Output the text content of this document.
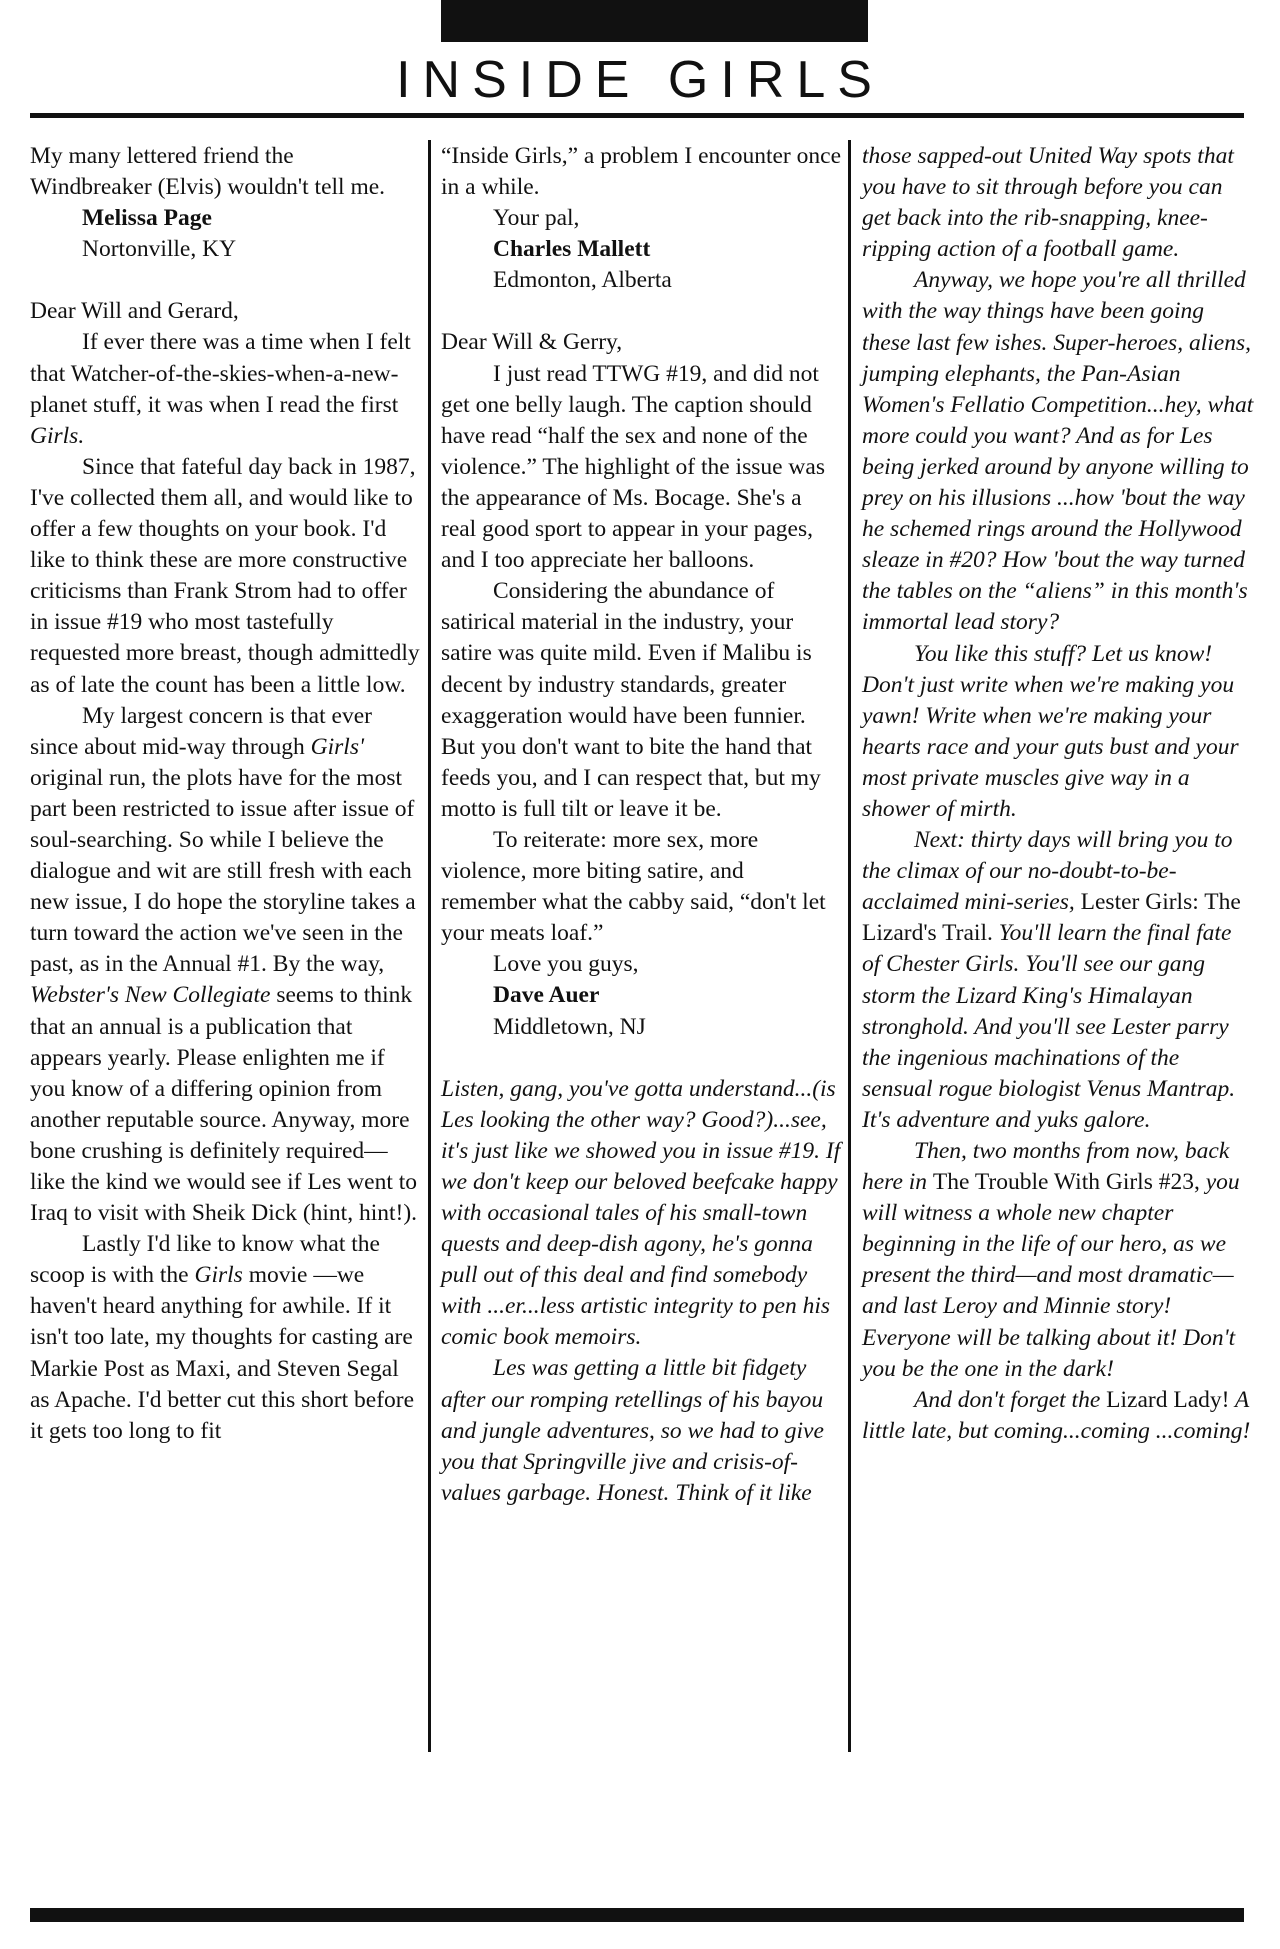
INSIDE GIRLS

My many lettered friend the Windbreaker (Elvis) wouldn't tell me.

Melissa Page
Nortonville, KY

Dear Will and Gerard,

If ever there was a time when I felt that Watcher-of-the-skies-when-a-new-planet stuff, it was when I read the first Girls.

Since that fateful day back in 1987, I've collected them all, and would like to offer a few thoughts on your book. I'd like to think these are more constructive criticisms than Frank Strom had to offer in issue #19 who most tastefully requested more breast, though admittedly as of late the count has been a little low.

My largest concern is that ever since about mid-way through Girls' original run, the plots have for the most part been restricted to issue after issue of soul-searching. So while I believe the dialogue and wit are still fresh with each new issue, I do hope the storyline takes a turn toward the action we've seen in the past, as in the Annual #1. By the way, Webster's New Collegiate seems to think that an annual is a publication that appears yearly. Please enlighten me if you know of a differing opinion from another reputable source. Anyway, more bone crushing is definitely required—like the kind we would see if Les went to Iraq to visit with Sheik Dick (hint, hint!).

Lastly I'd like to know what the scoop is with the Girls movie —we haven't heard anything for awhile. If it isn't too late, my thoughts for casting are Markie Post as Maxi, and Steven Segal as Apache. I'd better cut this short before it gets too long to fit

“Inside Girls,” a problem I encounter once in a while.

Your pal,
Charles Mallett
Edmonton, Alberta

Dear Will & Gerry,

I just read TTWG #19, and did not get one belly laugh. The caption should have read “half the sex and none of the violence.” The highlight of the issue was the appearance of Ms. Bocage. She's a real good sport to appear in your pages, and I too appreciate her balloons.

Considering the abundance of satirical material in the industry, your satire was quite mild. Even if Malibu is decent by industry standards, greater exaggeration would have been funnier. But you don't want to bite the hand that feeds you, and I can respect that, but my motto is full tilt or leave it be.

To reiterate: more sex, more violence, more biting satire, and remember what the cabby said, “don't let your meats loaf.”

Love you guys,
Dave Auer
Middletown, NJ

Listen, gang, you've gotta understand...(is Les looking the other way? Good?)...see, it's just like we showed you in issue #19. If we don't keep our beloved beefcake happy with occasional tales of his small-town quests and deep-dish agony, he's gonna pull out of this deal and find somebody with ...er...less artistic integrity to pen his comic book memoirs.

Les was getting a little bit fidgety after our romping retellings of his bayou and jungle adventures, so we had to give you that Springville jive and crisis-of-values garbage. Honest. Think of it like

those sapped-out United Way spots that you have to sit through before you can get back into the rib-snapping, knee-ripping action of a football game.

Anyway, we hope you're all thrilled with the way things have been going these last few ishes. Super-heroes, aliens, jumping elephants, the Pan-Asian Women's Fellatio Competition...hey, what more could you want? And as for Les being jerked around by anyone willing to prey on his illusions ...how 'bout the way he schemed rings around the Hollywood sleaze in #20? How 'bout the way turned the tables on the “aliens” in this month's immortal lead story?

You like this stuff? Let us know! Don't just write when we're making you yawn! Write when we're making your hearts race and your guts bust and your most private muscles give way in a shower of mirth.

Next: thirty days will bring you to the climax of our no-doubt-to-be-acclaimed mini-series, Lester Girls: The Lizard's Trail. You'll learn the final fate of Chester Girls. You'll see our gang storm the Lizard King's Himalayan stronghold. And you'll see Lester parry the ingenious machinations of the sensual rogue biologist Venus Mantrap. It's adventure and yuks galore.

Then, two months from now, back here in The Trouble With Girls #23, you will witness a whole new chapter beginning in the life of our hero, as we present the third—and most dramatic—and last Leroy and Minnie story! Everyone will be talking about it! Don't you be the one in the dark!

And don't forget the Lizard Lady! A little late, but coming...coming ...coming!
